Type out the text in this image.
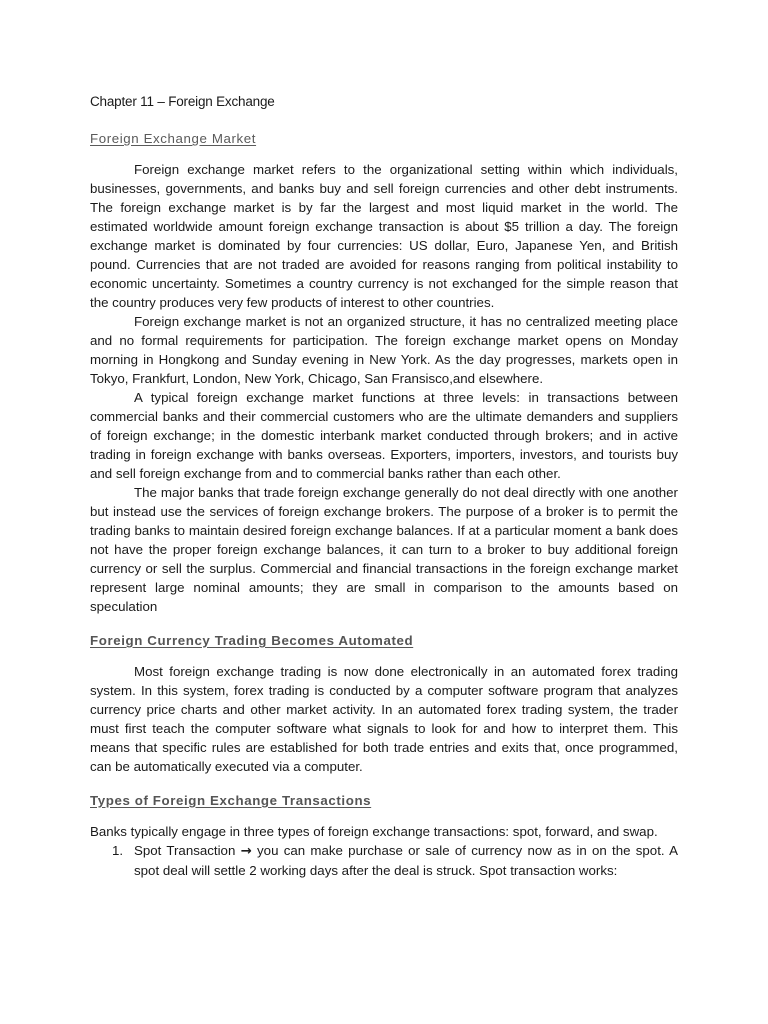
Chapter 11 – Foreign Exchange
Foreign Exchange Market

Foreign exchange market refers to the organizational setting within which individuals, businesses, governments, and banks buy and sell foreign currencies and other debt instruments. The foreign exchange market is by far the largest and most liquid market in the world. The estimated worldwide amount foreign exchange transaction is about $5 trillion a day. The foreign exchange market is dominated by four currencies: US dollar, Euro, Japanese Yen, and British pound. Currencies that are not traded are avoided for reasons ranging from political instability to economic uncertainty. Sometimes a country currency is not exchanged for the simple reason that the country produces very few products of interest to other countries.

Foreign exchange market is not an organized structure, it has no centralized meeting place and no formal requirements for participation. The foreign exchange market opens on Monday morning in Hongkong and Sunday evening in New York. As the day progresses, markets open in Tokyo, Frankfurt, London, New York, Chicago, San Fransisco,and elsewhere.

A typical foreign exchange market functions at three levels: in transactions between commercial banks and their commercial customers who are the ultimate demanders and suppliers of foreign exchange; in the domestic interbank market conducted through brokers; and in active trading in foreign exchange with banks overseas. Exporters, importers, investors, and tourists buy and sell foreign exchange from and to commercial banks rather than each other.

The major banks that trade foreign exchange generally do not deal directly with one another but instead use the services of foreign exchange brokers. The purpose of a broker is to permit the trading banks to maintain desired foreign exchange balances. If at a particular moment a bank does not have the proper foreign exchange balances, it can turn to a broker to buy additional foreign currency or sell the surplus. Commercial and financial transactions in the foreign exchange market represent large nominal amounts; they are small in comparison to the amounts based on speculation

Foreign Currency Trading Becomes Automated

Most foreign exchange trading is now done electronically in an automated forex trading system. In this system, forex trading is conducted by a computer software program that analyzes currency price charts and other market activity. In an automated forex trading system, the trader must first teach the computer software what signals to look for and how to interpret them. This means that specific rules are established for both trade entries and exits that, once programmed, can be automatically executed via a computer.

Types of Foreign Exchange Transactions

Banks typically engage in three types of foreign exchange transactions: spot, forward, and swap.

1. Spot Transaction → you can make purchase or sale of currency now as in on the spot. A spot deal will settle 2 working days after the deal is struck. Spot transaction works:
